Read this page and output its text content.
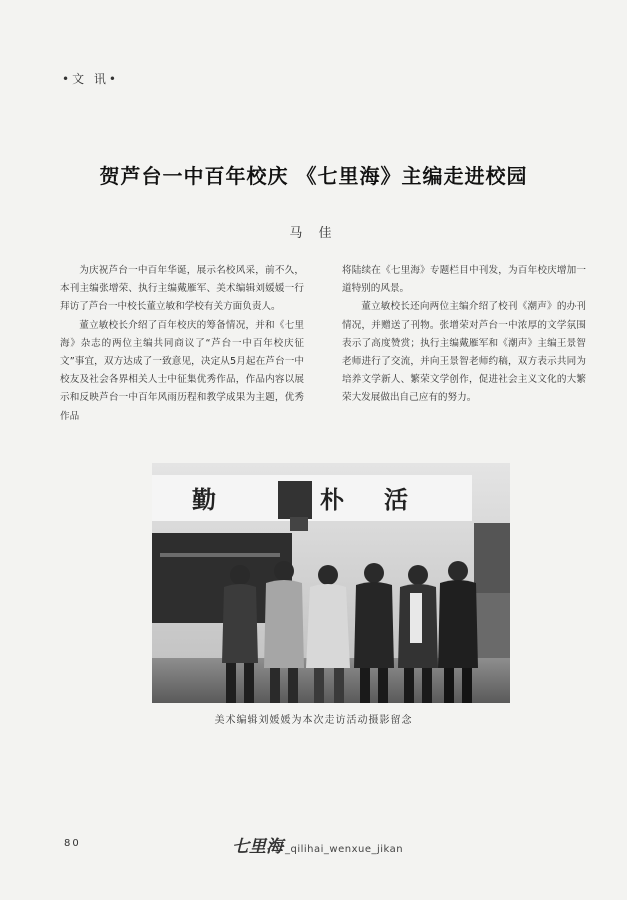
•文 讯•
贺芦台一中百年校庆 《七里海》主编走进校园
马 佳

为庆祝芦台一中百年华诞，展示名校风采，前不久，本刊主编张增荣、执行主编戴雁军、美术编辑刘媛媛一行拜访了芦台一中校长董立敏和学校有关方面负责人。

董立敏校长介绍了百年校庆的筹备情况，并和《七里海》杂志的两位主编共同商议了“芦台一中百年校庆征文”事宜，双方达成了一致意见，决定从5月起在芦台一中校友及社会各界相关人士中征集优秀作品，作品内容以展示和反映芦台一中百年风雨历程和教学成果为主题，优秀作品

将陆续在《七里海》专题栏目中刊发，为百年校庆增加一道特别的风景。

董立敏校长还向两位主编介绍了校刊《潮声》的办刊情况，并赠送了刊物。张增荣对芦台一中浓厚的文学氛围表示了高度赞赏；执行主编戴雁军和《潮声》主编王景智老师进行了交流，并向王景智老师约稿，双方表示共同为培养文学新人、繁荣文学创作，促进社会主义文化的大繁荣大发展做出自己应有的努力。

勤	朴 活
美术编辑刘媛媛为本次走访活动摄影留念
80	七里海 _qilihai_wenxue_jikan
